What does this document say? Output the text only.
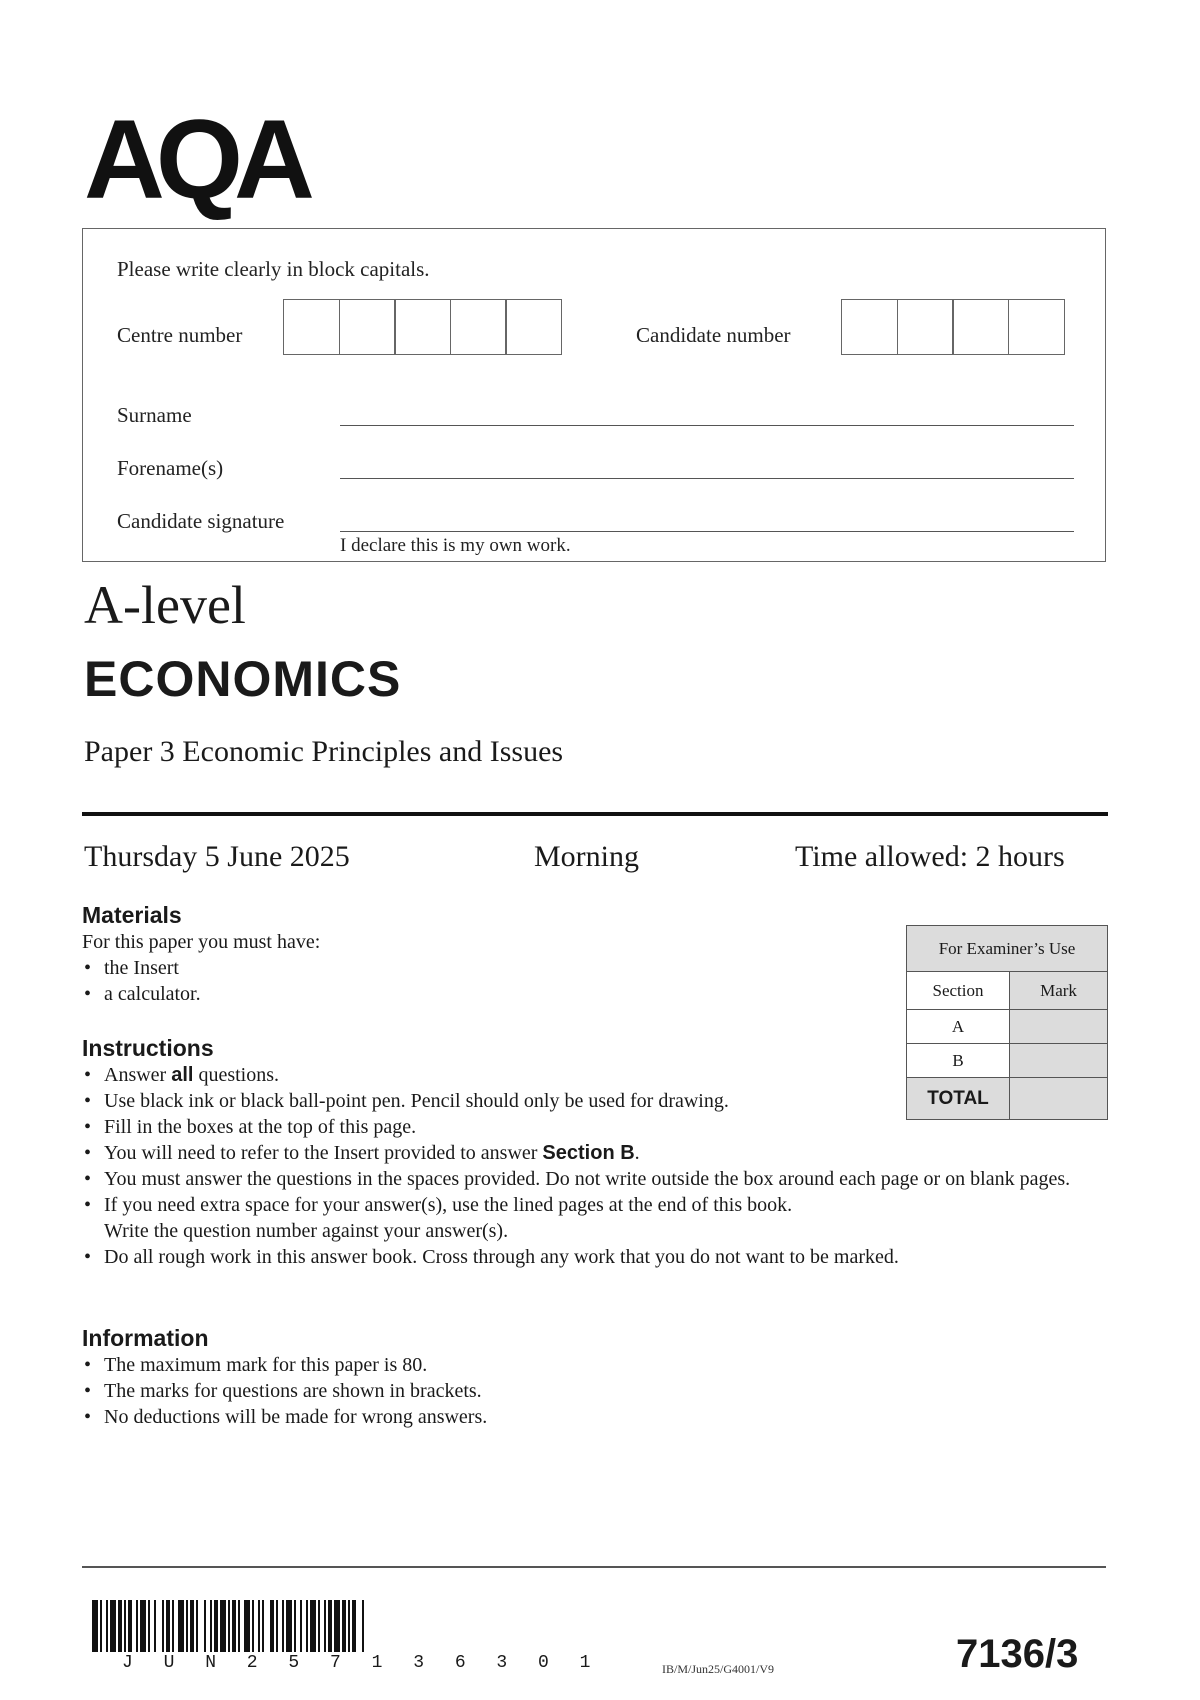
AQA
Please write clearly in block capitals.
Centre number	Candidate number
Surname
Forename(s)
Candidate signature
I declare this is my own work.
A-level
ECONOMICS
Paper 3 Economic Principles and Issues
Thursday 5 June 2025	Morning	Time allowed: 2 hours
Materials
For this paper you must have:
• the Insert
• a calculator.
Instructions
• Answer all questions.
• Use black ink or black ball-point pen. Pencil should only be used for drawing.
• Fill in the boxes at the top of this page.
• You will need to refer to the Insert provided to answer Section B.
• You must answer the questions in the spaces provided. Do not write outside the box around each page or on blank pages.
• If you need extra space for your answer(s), use the lined pages at the end of this book. Write the question number against your answer(s).
• Do all rough work in this answer book. Cross through any work that you do not want to be marked.
Information
• The maximum mark for this paper is 80.
• The marks for questions are shown in brackets.
• No deductions will be made for wrong answers.
For Examiner’s Use	
Section	Mark
A	
B	
TOTAL	
J U N 2 5 7 1 3 6 3 0 1	IB/M/Jun25/G4001/V9	7136/3
